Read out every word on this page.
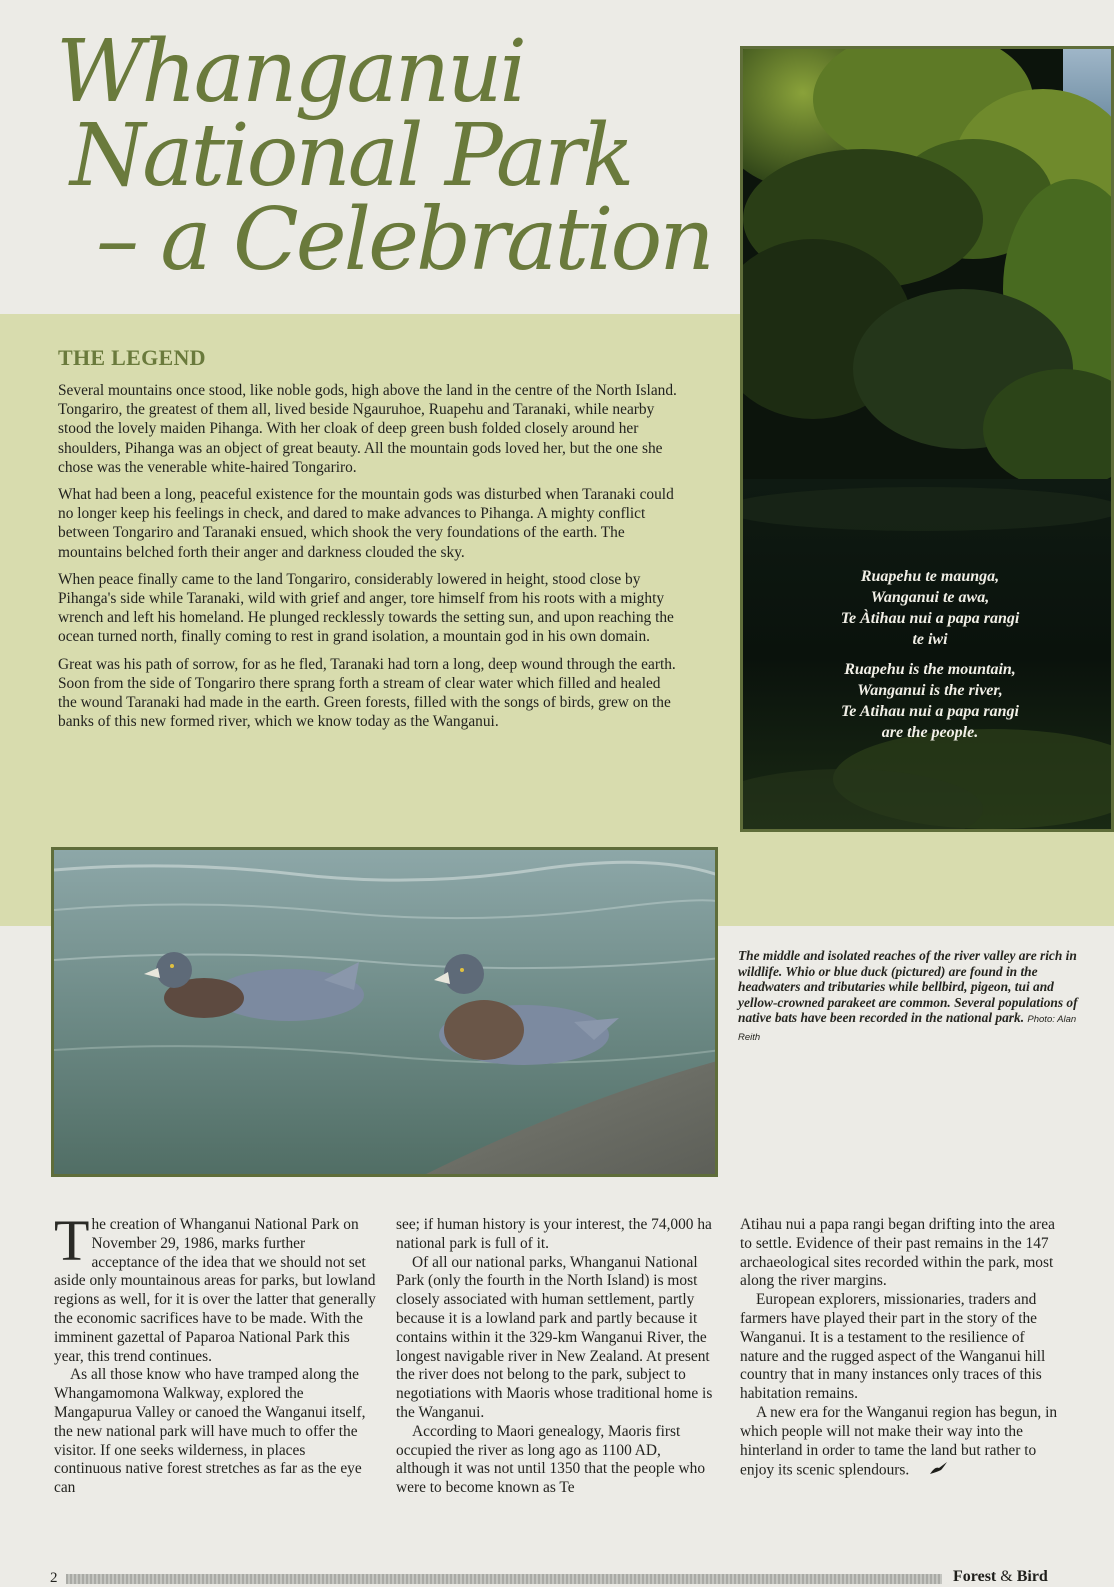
Whanganui
National Park
– a Celebration
THE LEGEND

Several mountains once stood, like noble gods, high above the land in the centre of the North Island. Tongariro, the greatest of them all, lived beside Ngauruhoe, Ruapehu and Taranaki, while nearby stood the lovely maiden Pihanga. With her cloak of deep green bush folded closely around her shoulders, Pihanga was an object of great beauty. All the mountain gods loved her, but the one she chose was the venerable white-haired Tongariro.

What had been a long, peaceful existence for the mountain gods was disturbed when Taranaki could no longer keep his feelings in check, and dared to make advances to Pihanga. A mighty conflict between Tongariro and Taranaki ensued, which shook the very foundations of the earth. The mountains belched forth their anger and darkness clouded the sky.

When peace finally came to the land Tongariro, considerably lowered in height, stood close by Pihanga's side while Taranaki, wild with grief and anger, tore himself from his roots with a mighty wrench and left his homeland. He plunged recklessly towards the setting sun, and upon reaching the ocean turned north, finally coming to rest in grand isolation, a mountain god in his own domain.

Great was his path of sorrow, for as he fled, Taranaki had torn a long, deep wound through the earth. Soon from the side of Tongariro there sprang forth a stream of clear water which filled and healed the wound Taranaki had made in the earth. Green forests, filled with the songs of birds, grew on the banks of this new formed river, which we know today as the Wanganui.

Ruapehu te maunga,
Wanganui te awa,
Te Àtihau nui a papa rangi
te iwi

Ruapehu is the mountain,
Wanganui is the river,
Te Atihau nui a papa rangi
are the people.

The middle and isolated reaches of the river valley are rich in wildlife. Whio or blue duck (pictured) are found in the headwaters and tributaries while bellbird, pigeon, tui and yellow-crowned parakeet are common. Several populations of native bats have been recorded in the national park. Photo: Alan Reith

The creation of Whanganui National Park on November 29, 1986, marks further acceptance of the idea that we should not set aside only mountainous areas for parks, but lowland regions as well, for it is over the latter that generally the economic sacrifices have to be made. With the imminent gazettal of Paparoa National Park this year, this trend continues.

As all those know who have tramped along the Whangamomona Walkway, explored the Mangapurua Valley or canoed the Wanganui itself, the new national park will have much to offer the visitor. If one seeks wilderness, in places continuous native forest stretches as far as the eye can

see; if human history is your interest, the 74,000 ha national park is full of it.

Of all our national parks, Whanganui National Park (only the fourth in the North Island) is most closely associated with human settlement, partly because it is a lowland park and partly because it contains within it the 329-km Wanganui River, the longest navigable river in New Zealand. At present the river does not belong to the park, subject to negotiations with Maoris whose traditional home is the Wanganui.

According to Maori genealogy, Maoris first occupied the river as long ago as 1100 AD, although it was not until 1350 that the people who were to become known as Te

Atihau nui a papa rangi began drifting into the area to settle. Evidence of their past remains in the 147 archaeological sites recorded within the park, most along the river margins.

European explorers, missionaries, traders and farmers have played their part in the story of the Wanganui. It is a testament to the resilience of nature and the rugged aspect of the Wanganui hill country that in many instances only traces of this habitation remains.

A new era for the Wanganui region has begun, in which people will not make their way into the hinterland in order to tame the land but rather to enjoy its scenic splendours.

2	Forest & Bird
